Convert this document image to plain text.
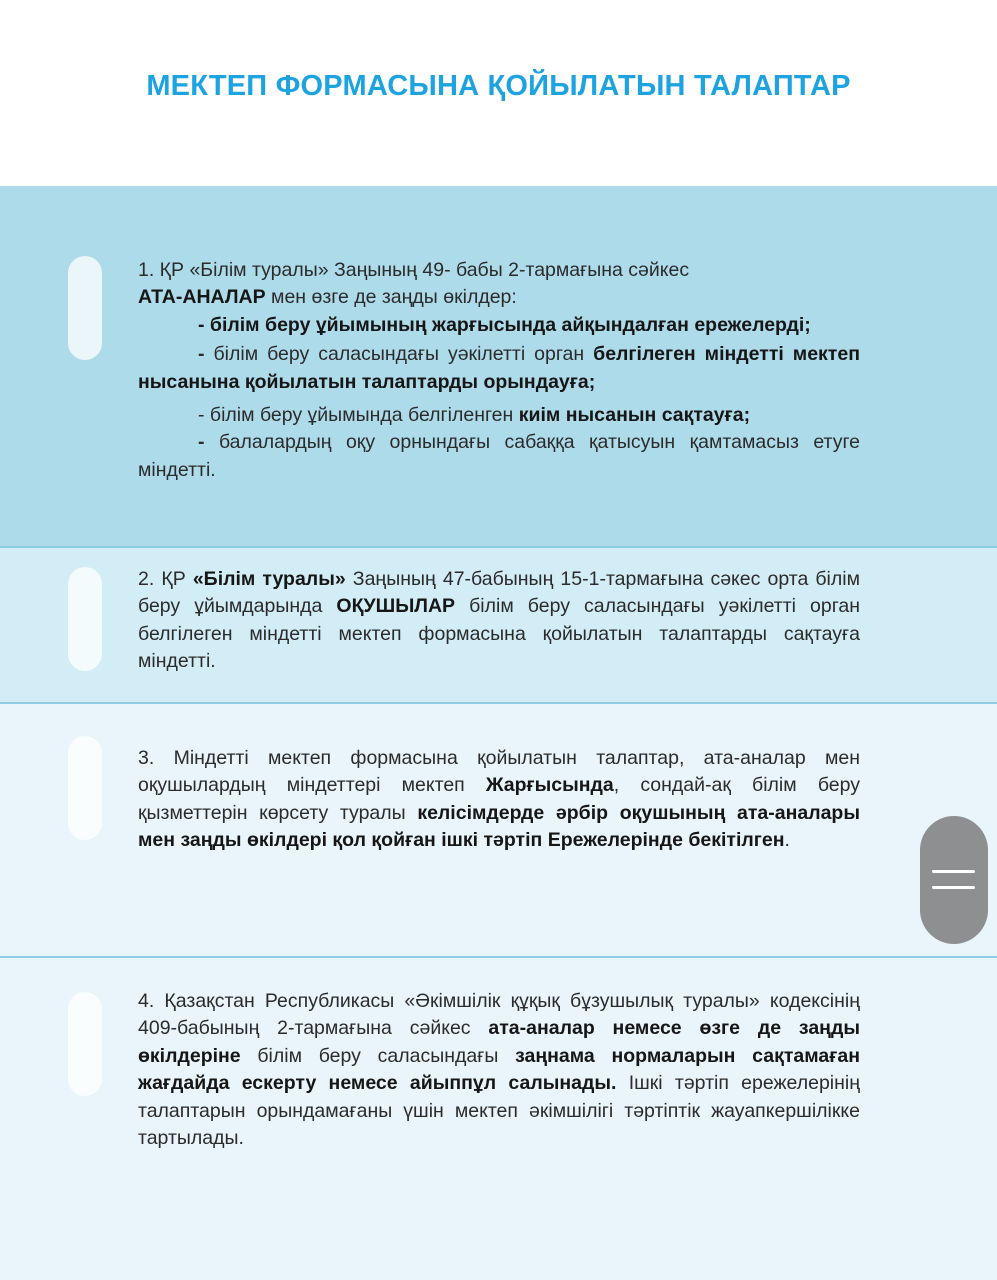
МЕКТЕП ФОРМАСЫНА ҚОЙЫЛАТЫН ТАЛАПТАР

1. ҚР «Білім туралы» Заңының 49- бабы 2-тармағына сәйкес
АТА-АНАЛАР мен өзге де заңды өкілдер:

- білім беру ұйымының жарғысында айқындалған ережелерді;

- білім беру саласындағы уәкілетті орган белгілеген міндетті мектеп нысанына қойылатын талаптарды орындауға;

- білім беру ұйымында белгіленген киім нысанын сақтауға;

- балалардың оқу орнындағы сабаққа қатысуын қамтамасыз етуге міндетті.

2. ҚР «Білім туралы» Заңының 47-бабының 15-1-тармағына сәкес орта білім беру ұйымдарында ОҚУШЫЛАР білім беру саласындағы уәкілетті орган белгілеген міндетті мектеп формасына қойылатын талаптарды сақтауға міндетті.

3. Міндетті мектеп формасына қойылатын талаптар, ата-аналар мен оқушылардың міндеттері мектеп Жарғысында, сондай-ақ білім беру қызметтерін көрсету туралы келісімдерде әрбір оқушының ата-аналары мен заңды өкілдері қол қойған ішкі тәртіп Ережелерінде бекітілген.

4. Қазақстан Республикасы «Әкімшілік құқық бұзушылық туралы» кодексінің 409-бабының 2-тармағына сәйкес ата-аналар немесе өзге де заңды өкілдеріне білім беру саласындағы заңнама нормаларын сақтамаған жағдайда ескерту немесе айыппұл салынады. Ішкі тәртіп ережелерінің талаптарын орындамағаны үшін мектеп әкімшілігі тәртіптік жауапкершілікке тартылады.
